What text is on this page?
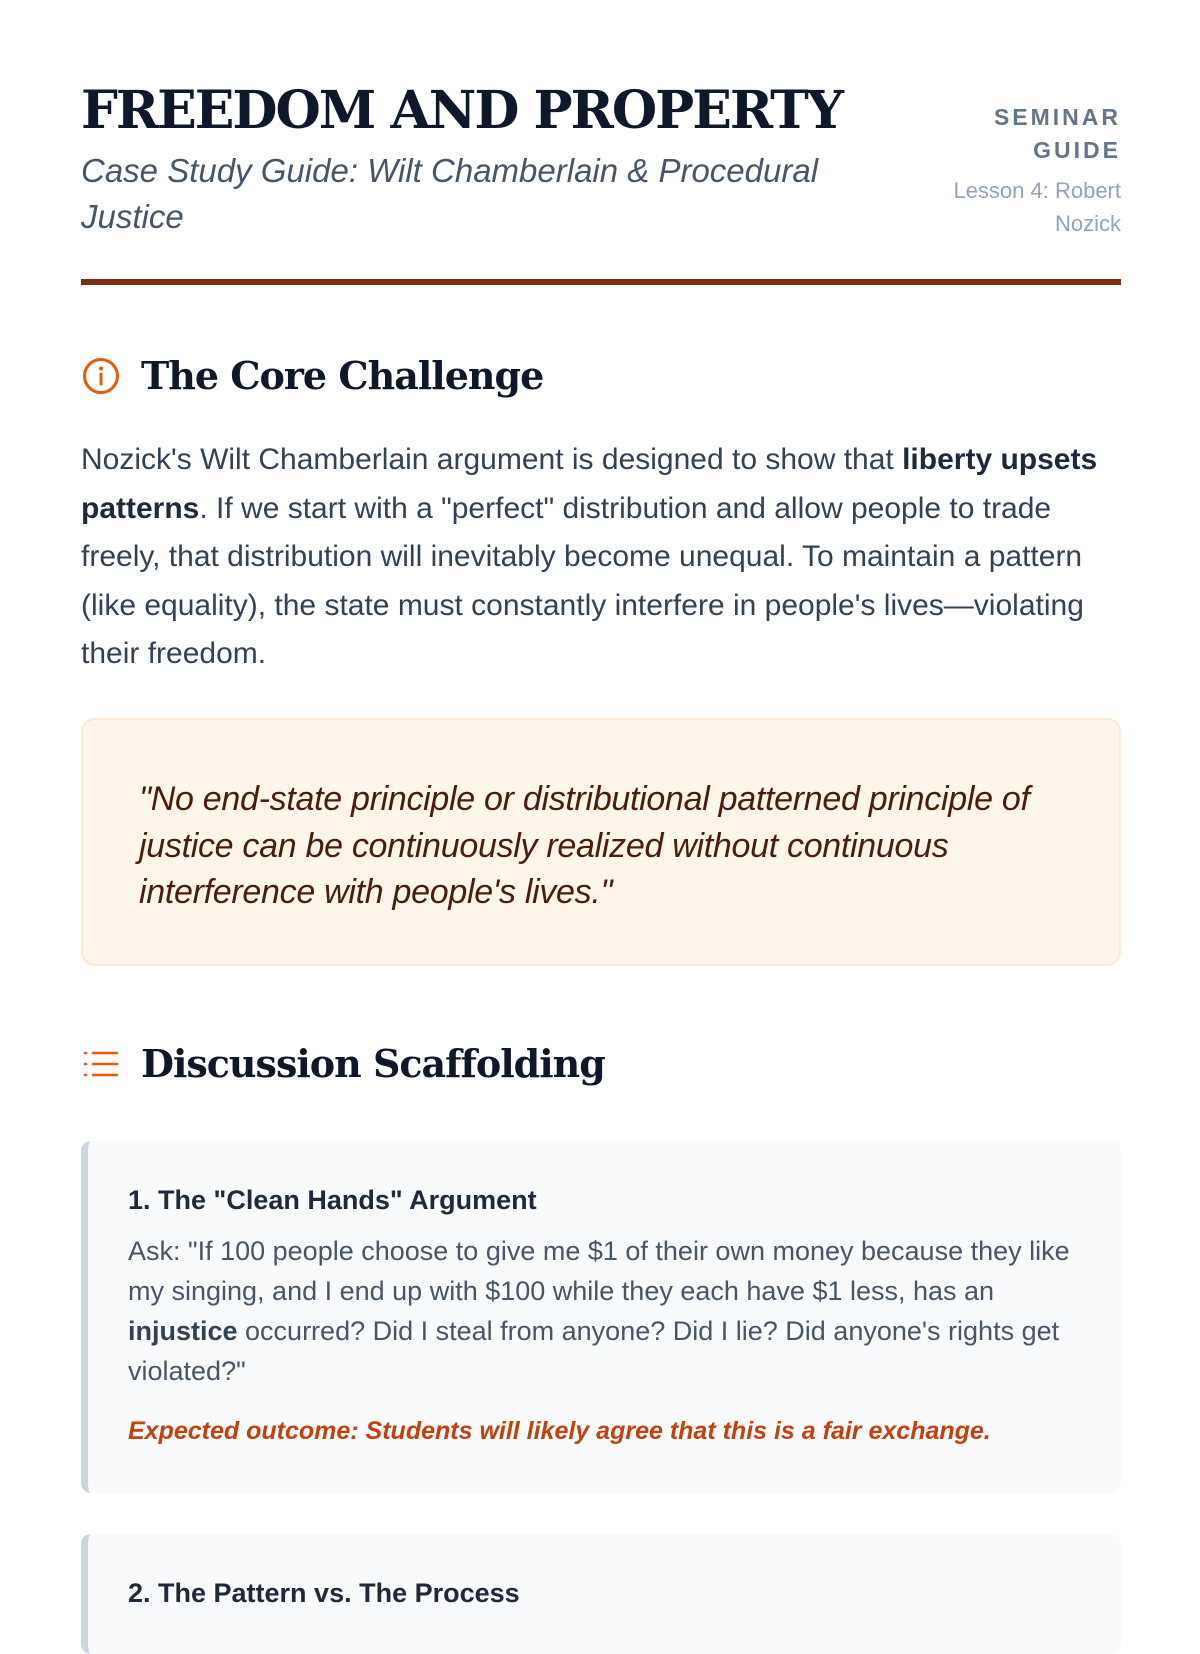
FREEDOM AND PROPERTY

Case Study Guide: Wilt Chamberlain & Procedural Justice

SEMINAR GUIDE
Lesson 4: Robert Nozick
The Core Challenge

Nozick's Wilt Chamberlain argument is designed to show that liberty upsets patterns. If we start with a "perfect" distribution and allow people to trade freely, that distribution will inevitably become unequal. To maintain a pattern (like equality), the state must constantly interfere in people's lives—violating their freedom.

"No end-state principle or distributional patterned principle of justice can be continuously realized without continuous interference with people's lives."

Discussion Scaffolding
1. The "Clean Hands" Argument

Ask: "If 100 people choose to give me $1 of their own money because they like my singing, and I end up with $100 while they each have $1 less, has an injustice occurred? Did I steal from anyone? Did I lie? Did anyone's rights get violated?"

Expected outcome: Students will likely agree that this is a fair exchange.

2. The Pattern vs. The Process
